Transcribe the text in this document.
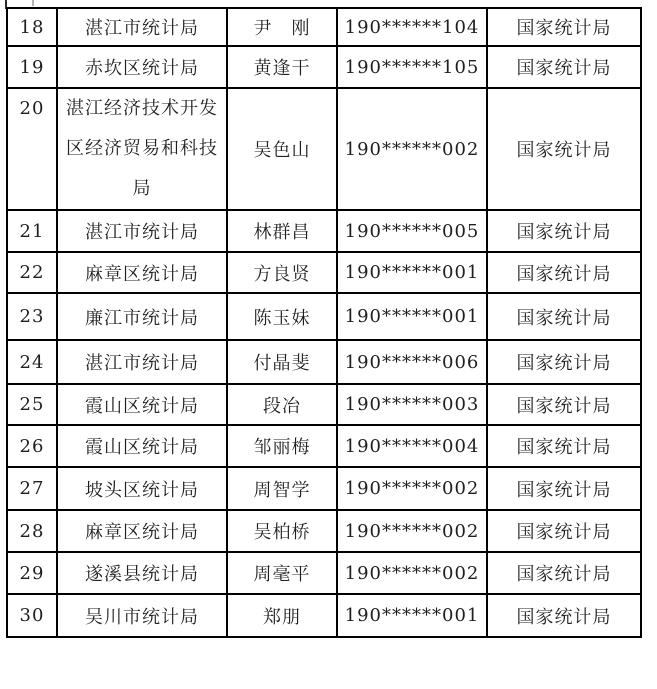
18	湛江市统计局	尹　刚	190******104	国家统计局
19	赤坎区统计局	黄逢干	190******105	国家统计局
20	湛江经济技术开发区经济贸易和科技局	吴色山	190******002	国家统计局
21	湛江市统计局	林群昌	190******005	国家统计局
22	麻章区统计局	方良贤	190******001	国家统计局
23	廉江市统计局	陈玉妹	190******001	国家统计局
24	湛江市统计局	付晶斐	190******006	国家统计局
25	霞山区统计局	段冶	190******003	国家统计局
26	霞山区统计局	邹丽梅	190******004	国家统计局
27	坡头区统计局	周智学	190******002	国家统计局
28	麻章区统计局	吴柏桥	190******002	国家统计局
29	遂溪县统计局	周毫平	190******002	国家统计局
30	吴川市统计局	郑朋	190******001	国家统计局
